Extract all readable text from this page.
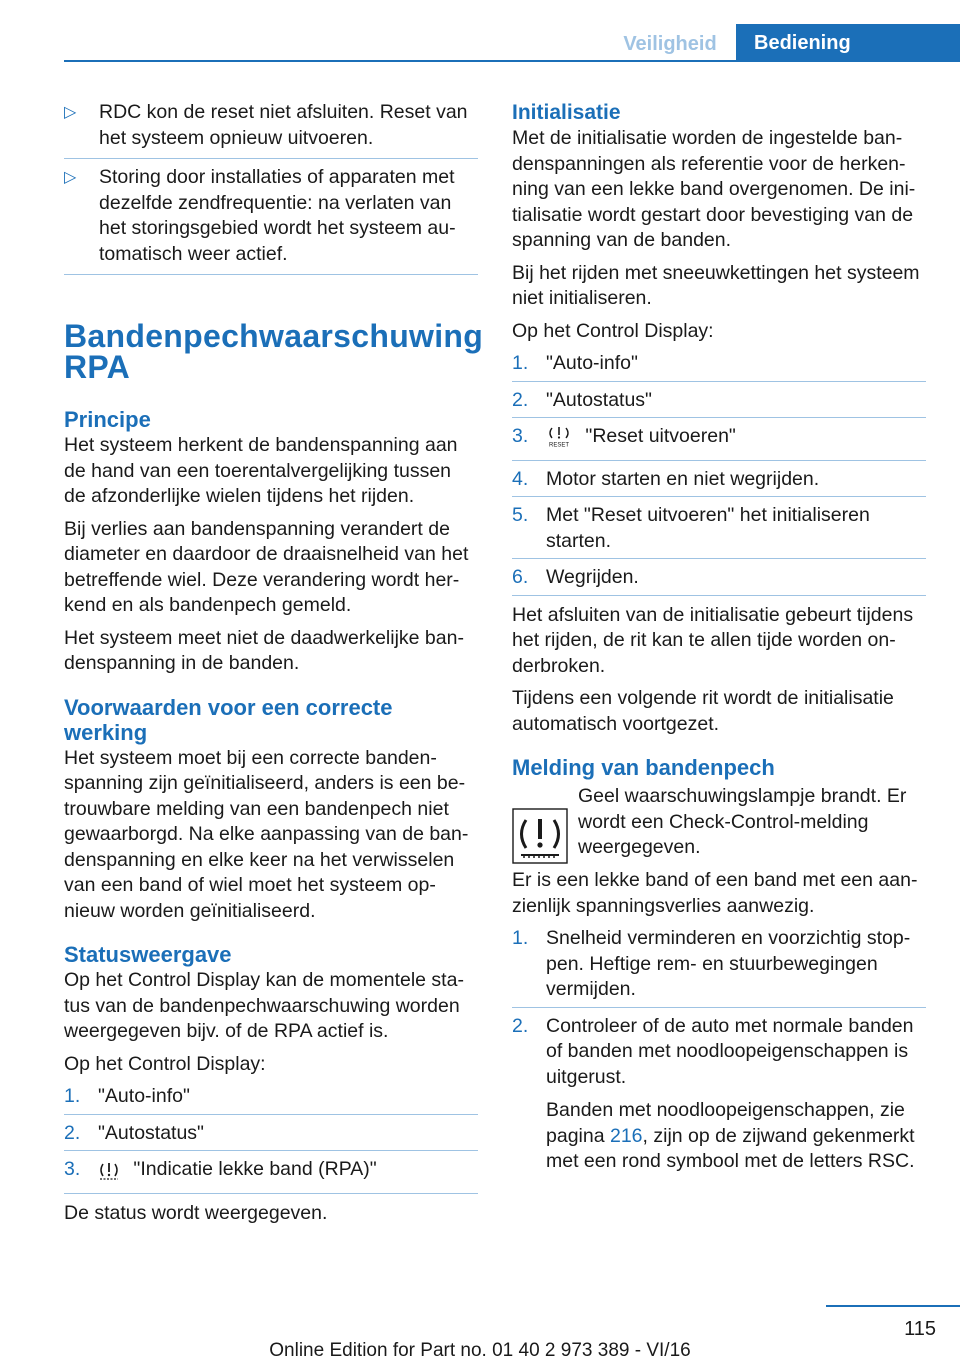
Veiligheid	Bediening
▷ RDC kon de reset niet afsluiten. Reset van het systeem opnieuw uitvoeren.
▷ Storing door installaties of apparaten met dezelfde zendfrequentie: na verlaten van het storingsgebied wordt het systeem automatisch weer actief.
Bandenpechwaarschuwing RPA
Principe

Het systeem herkent de bandenspanning aan de hand van een toerentalvergelijking tussen de afzonderlijke wielen tijdens het rijden.

Bij verlies aan bandenspanning verandert de diameter en daardoor de draaisnelheid van het betreffende wiel. Deze verandering wordt herkend en als bandenpech gemeld.

Het systeem meet niet de daadwerkelijke bandenspanning in de banden.

Voorwaarden voor een correcte werking

Het systeem moet bij een correcte bandenspanning zijn geïnitialiseerd, anders is een betrouwbare melding van een bandenpech niet gewaarborgd. Na elke aanpassing van de bandenspanning en elke keer na het verwisselen van een band of wiel moet het systeem opnieuw worden geïnitialiseerd.

Statusweergave

Op het Control Display kan de momentele status van de bandenpechwaarschuwing worden weergegeven bijv. of de RPA actief is.

Op het Control Display:

1. "Auto-info"
2. "Autostatus"
3.	"Indicatie lekke band (RPA)"

De status wordt weergegeven.

Initialisatie

Met de initialisatie worden de ingestelde bandenspanningen als referentie voor de herkenning van een lekke band overgenomen. De initialisatie wordt gestart door bevestiging van de spanning van de banden.

Bij het rijden met sneeuwkettingen het systeem niet initialiseren.

Op het Control Display:

1. "Auto-info"
2. "Autostatus"
3.	RESET "Reset uitvoeren"
4. Motor starten en niet wegrijden.
5. Met "Reset uitvoeren" het initialiseren starten.
6. Wegrijden.

Het afsluiten van de initialisatie gebeurt tijdens het rijden, de rit kan te allen tijde worden onderbroken.

Tijdens een volgende rit wordt de initialisatie automatisch voortgezet.

Melding van bandenpech

Geel waarschuwingslampje brandt. Er wordt een Check-Control-melding weergegeven.

Er is een lekke band of een band met een aanzienlijk spanningsverlies aanwezig.

1. Snelheid verminderen en voorzichtig stoppen. Heftige rem- en stuurbewegingen vermijden.
2. Controleer of de auto met normale banden of banden met noodloopeigenschappen is uitgerust.
Banden met noodloopeigenschappen, zie pagina 216, zijn op de zijwand gekenmerkt met een rond symbool met de letters RSC.
115
Online Edition for Part no. 01 40 2 973 389 - VI/16
